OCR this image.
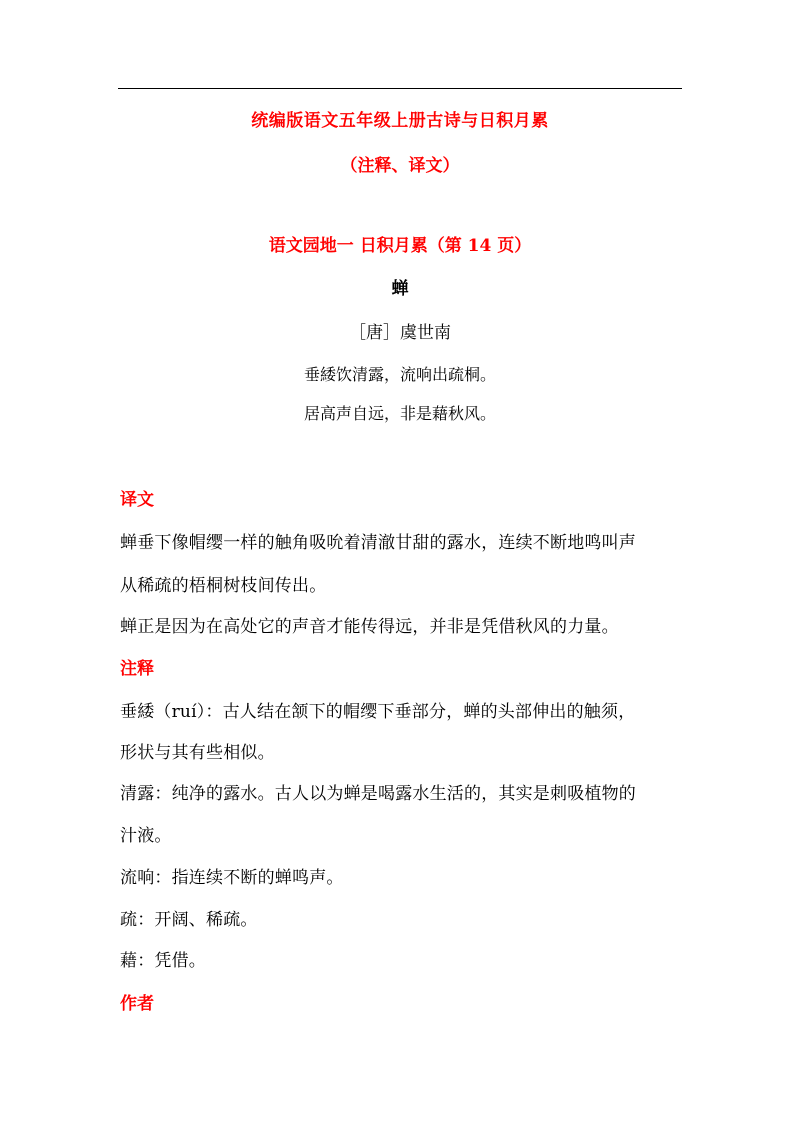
统编版语文五年级上册古诗与日积月累
（注释、译文）
语文园地一 日积月累（第 14 页）
蝉
［唐］虞世南
垂緌饮清露，流响出疏桐。
居高声自远，非是藉秋风。
译文
蝉垂下像帽缨一样的触角吸吮着清澈甘甜的露水，连续不断地鸣叫声
从稀疏的梧桐树枝间传出。
蝉正是因为在高处它的声音才能传得远，并非是凭借秋风的力量。
注释
垂緌（ruí）：古人结在颔下的帽缨下垂部分，蝉的头部伸出的触须，
形状与其有些相似。
清露：纯净的露水。古人以为蝉是喝露水生活的，其实是刺吸植物的
汁液。
流响：指连续不断的蝉鸣声。
疏：开阔、稀疏。
藉：凭借。
作者
